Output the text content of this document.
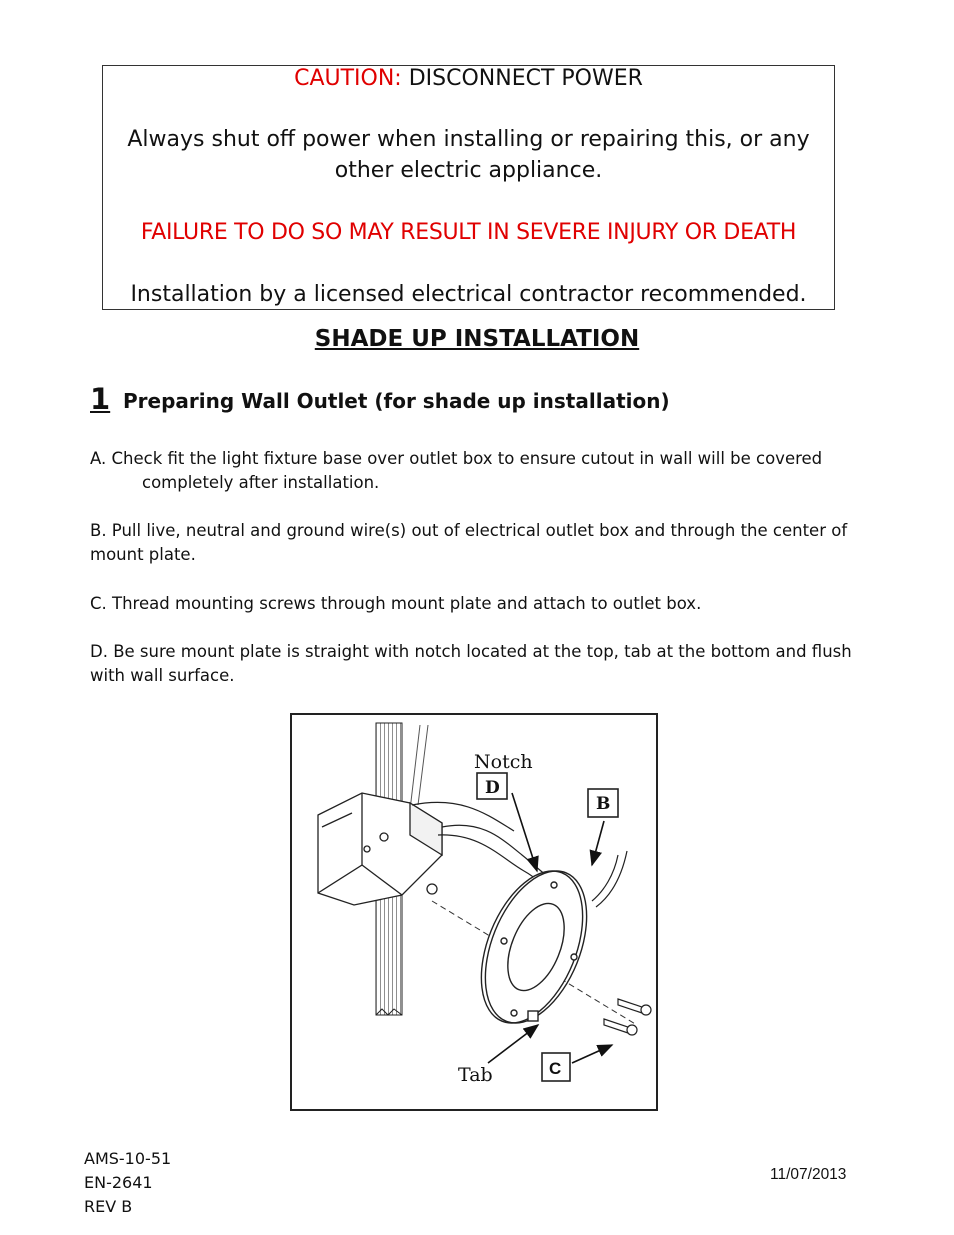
CAUTION: DISCONNECT POWER

Always shut off power when installing or repairing this, or any other electric appliance.

FAILURE TO DO SO MAY RESULT IN SEVERE INJURY OR DEATH

Installation by a licensed electrical contractor recommended.

SHADE UP INSTALLATION
1 Preparing Wall Outlet (for shade up installation)

A. Check fit the light fixture base over outlet box to ensure cutout in wall will be covered
completely after installation.

B. Pull live, neutral and ground wire(s) out of electrical outlet box and through the center of mount plate.

C. Thread mounting screws through mount plate and attach to outlet box.

D. Be sure mount plate is straight with notch located at the top, tab at the bottom and flush with wall surface.

Notch
Tab
D
B
C
AMS-10-51
EN-2641
REV B
11/07/2013
